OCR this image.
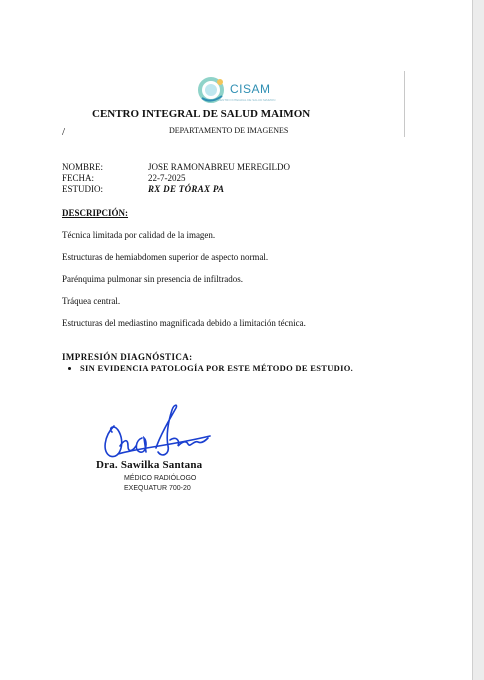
CISAM
CENTRO INTEGRAL DE SALUD MAIMON
CENTRO INTEGRAL DE SALUD MAIMON
/	DEPARTAMENTO DE IMAGENES
NOMBRE:	JOSE RAMONABREU MEREGILDO
FECHA:	22-7-2025
ESTUDIO:	RX DE TÓRAX PA
DESCRIPCIÓN:
Técnica limitada por calidad de la imagen.
Estructuras de hemiabdomen superior de aspecto normal.
Parénquima pulmonar sin presencia de infiltrados.
Tráquea central.
Estructuras del mediastino magnificada debido a limitación técnica.
IMPRESIÓN DIAGNÓSTICA:
• SIN EVIDENCIA PATOLOGÍA POR ESTE MÉTODO DE ESTUDIO.
Dra. Sawilka Santana
MÉDICO RADIÓLOGO
EXEQUATUR 700-20
